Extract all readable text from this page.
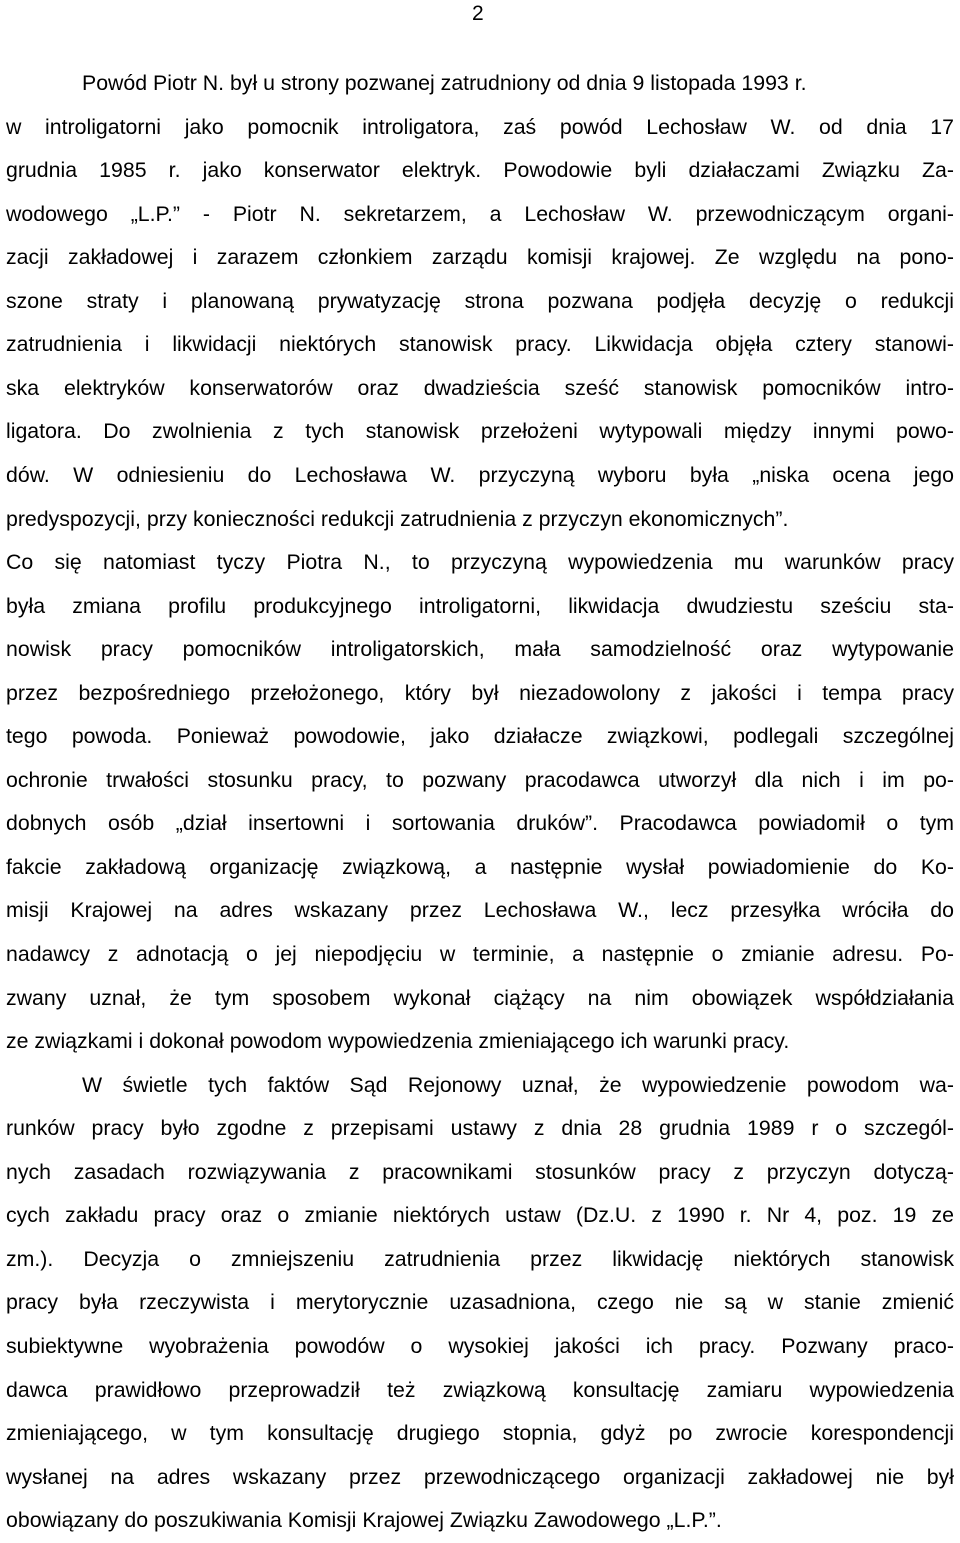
2
Powód Piotr N. był u strony pozwanej zatrudniony od dnia 9 listopada 1993 r.
w introligatorni jako pomocnik introligatora, zaś powód Lechosław W. od dnia 17
grudnia 1985 r. jako konserwator elektryk. Powodowie byli działaczami Związku Za-
wodowego „L.P.” - Piotr N. sekretarzem, a Lechosław W. przewodniczącym organi-
zacji zakładowej i zarazem członkiem zarządu komisji krajowej. Ze względu na pono-
szone straty i planowaną prywatyzację strona pozwana podjęła decyzję o redukcji
zatrudnienia i likwidacji niektórych stanowisk pracy. Likwidacja objęła cztery stanowi-
ska elektryków konserwatorów oraz dwadzieścia sześć stanowisk pomocników intro-
ligatora. Do zwolnienia z tych stanowisk przełożeni wytypowali między innymi powo-
dów. W odniesieniu do Lechosława W. przyczyną wyboru była „niska ocena jego
predyspozycji, przy konieczności redukcji zatrudnienia z przyczyn ekonomicznych”.
Co się natomiast tyczy Piotra N., to przyczyną wypowiedzenia mu warunków pracy
była zmiana profilu produkcyjnego introligatorni, likwidacja dwudziestu sześciu sta-
nowisk pracy pomocników introligatorskich, mała samodzielność oraz wytypowanie
przez bezpośredniego przełożonego, który był niezadowolony z jakości i tempa pracy
tego powoda. Ponieważ powodowie, jako działacze związkowi, podlegali szczególnej
ochronie trwałości stosunku pracy, to pozwany pracodawca utworzył dla nich i im po-
dobnych osób „dział insertowni i sortowania druków”. Pracodawca powiadomił o tym
fakcie zakładową organizację związkową, a następnie wysłał powiadomienie do Ko-
misji Krajowej na adres wskazany przez Lechosława W., lecz przesyłka wróciła do
nadawcy z adnotacją o jej niepodjęciu w terminie, a następnie o zmianie adresu. Po-
zwany uznał, że tym sposobem wykonał ciążący na nim obowiązek współdziałania
ze związkami i dokonał powodom wypowiedzenia zmieniającego ich warunki pracy.
W świetle tych faktów Sąd Rejonowy uznał, że wypowiedzenie powodom wa-
runków pracy było zgodne z przepisami ustawy z dnia 28 grudnia 1989 r o szczegól-
nych zasadach rozwiązywania z pracownikami stosunków pracy z przyczyn dotyczą-
cych zakładu pracy oraz o zmianie niektórych ustaw (Dz.U. z 1990 r. Nr 4, poz. 19 ze
zm.). Decyzja o zmniejszeniu zatrudnienia przez likwidację niektórych stanowisk
pracy była rzeczywista i merytorycznie uzasadniona, czego nie są w stanie zmienić
subiektywne wyobrażenia powodów o wysokiej jakości ich pracy. Pozwany praco-
dawca prawidłowo przeprowadził też związkową konsultację zamiaru wypowiedzenia
zmieniającego, w tym konsultację drugiego stopnia, gdyż po zwrocie korespondencji
wysłanej na adres wskazany przez przewodniczącego organizacji zakładowej nie był
obowiązany do poszukiwania Komisji Krajowej Związku Zawodowego „L.P.”.
